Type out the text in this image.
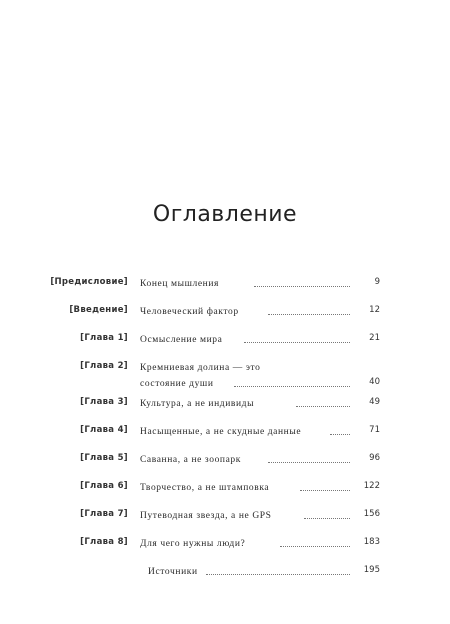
Оглавление
[Предисловие] Конец мышления	9
[Введение] Человеческий фактор	12
[Глава 1] Осмысление мира	21
[Глава 2] Кремниевая долина — это
состояние души	40
[Глава 3] Культура, а не индивиды	49
[Глава 4] Насыщенные, а не скудные данные	71
[Глава 5] Саванна, а не зоопарк	96
[Глава 6] Творчество, а не штамповка	122
[Глава 7] Путеводная звезда, а не GPS	156
[Глава 8] Для чего нужны люди?	183
Источники	195
